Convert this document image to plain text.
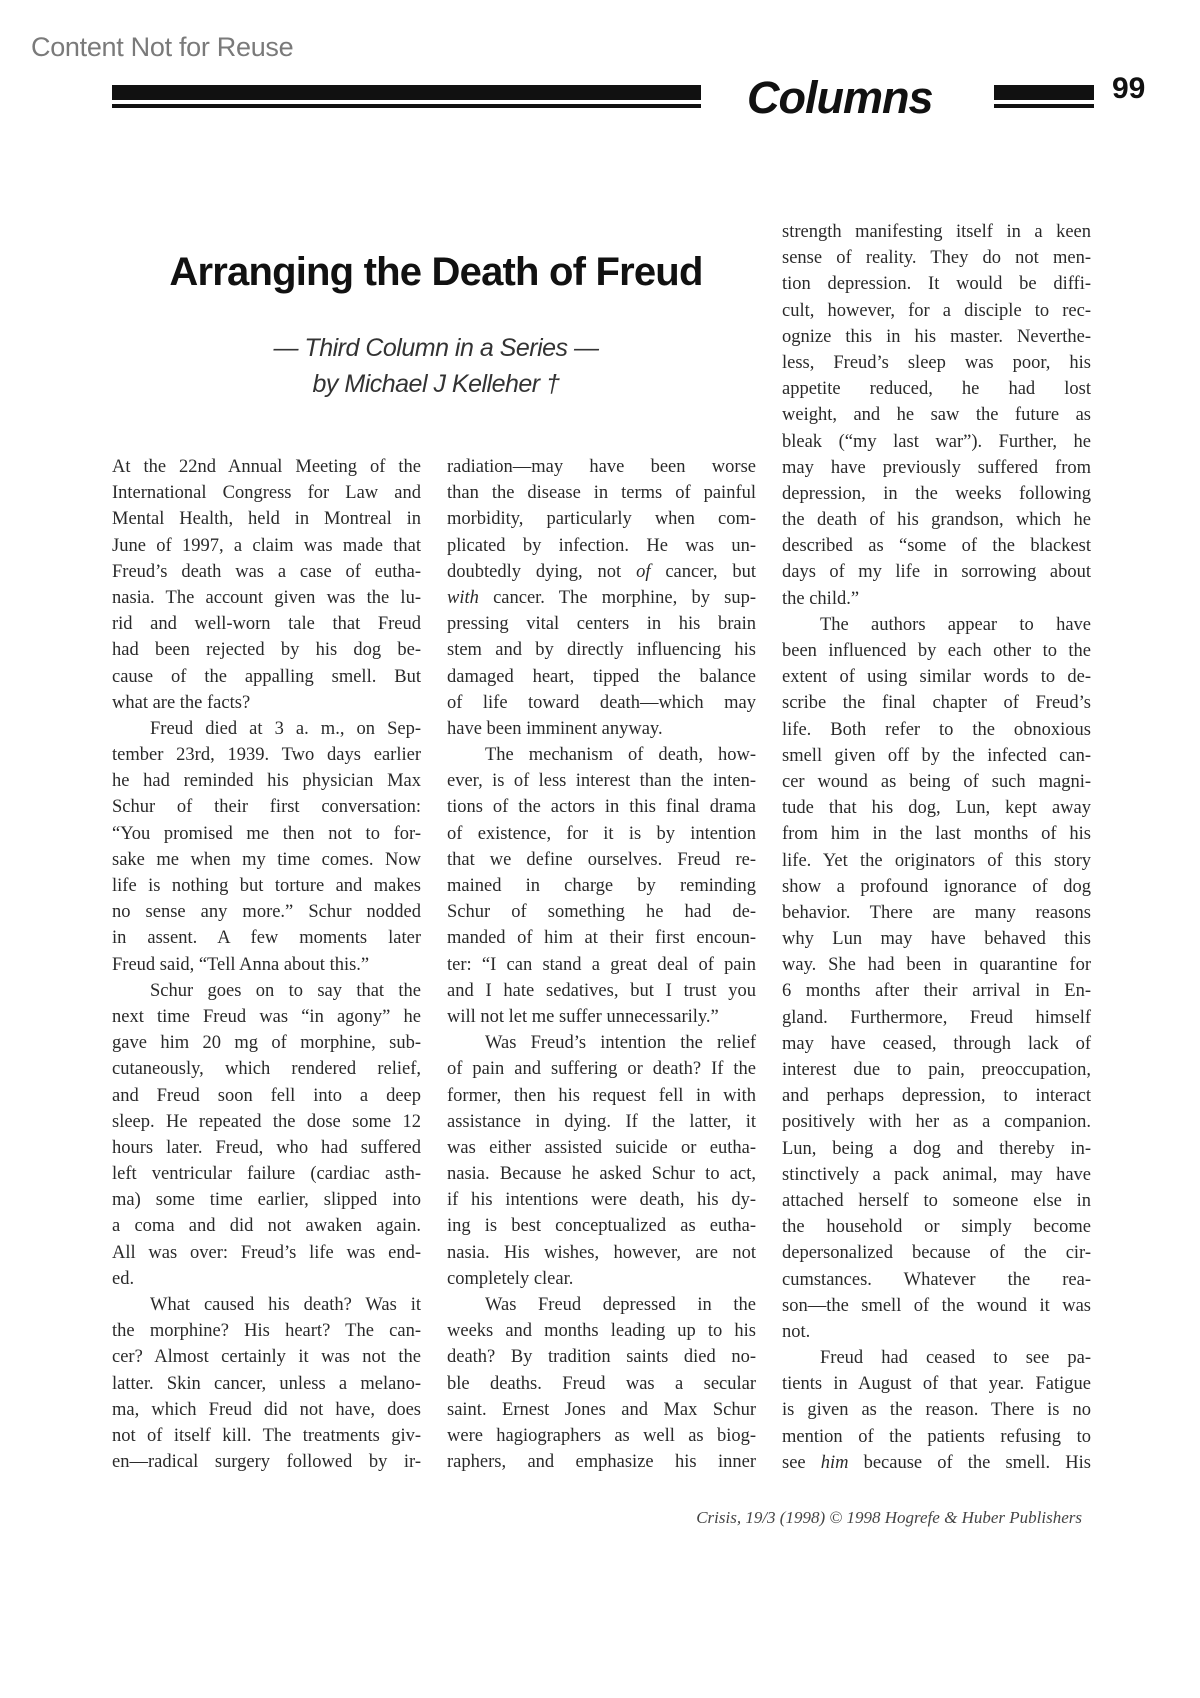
Content Not for Reuse
Columns	99
Arranging the Death of Freud
— Third Column in a Series —
by Michael J Kelleher †
At the 22nd Annual Meeting of the
International Congress for Law and
Mental Health, held in Montreal in
June of 1997, a claim was made that
Freud’s death was a case of eutha-
nasia. The account given was the lu-
rid and well-worn tale that Freud
had been rejected by his dog be-
cause of the appalling smell. But
what are the facts?
Freud died at 3 a. m., on Sep-
tember 23rd, 1939. Two days earlier
he had reminded his physician Max
Schur of their first conversation:
“You promised me then not to for-
sake me when my time comes. Now
life is nothing but torture and makes
no sense any more.” Schur nodded
in assent. A few moments later
Freud said, “Tell Anna about this.”
Schur goes on to say that the
next time Freud was “in agony” he
gave him 20 mg of morphine, sub-
cutaneously, which rendered relief,
and Freud soon fell into a deep
sleep. He repeated the dose some 12
hours later. Freud, who had suffered
left ventricular failure (cardiac asth-
ma) some time earlier, slipped into
a coma and did not awaken again.
All was over: Freud’s life was end-
ed.
What caused his death? Was it
the morphine? His heart? The can-
cer? Almost certainly it was not the
latter. Skin cancer, unless a melano-
ma, which Freud did not have, does
not of itself kill. The treatments giv-
en—radical surgery followed by ir-
radiation—may have been worse
than the disease in terms of painful
morbidity, particularly when com-
plicated by infection. He was un-
doubtedly dying, not of cancer, but
with cancer. The morphine, by sup-
pressing vital centers in his brain
stem and by directly influencing his
damaged heart, tipped the balance
of life toward death—which may
have been imminent anyway.
The mechanism of death, how-
ever, is of less interest than the inten-
tions of the actors in this final drama
of existence, for it is by intention
that we define ourselves. Freud re-
mained in charge by reminding
Schur of something he had de-
manded of him at their first encoun-
ter: “I can stand a great deal of pain
and I hate sedatives, but I trust you
will not let me suffer unnecessarily.”
Was Freud’s intention the relief
of pain and suffering or death? If the
former, then his request fell in with
assistance in dying. If the latter, it
was either assisted suicide or eutha-
nasia. Because he asked Schur to act,
if his intentions were death, his dy-
ing is best conceptualized as eutha-
nasia. His wishes, however, are not
completely clear.
Was Freud depressed in the
weeks and months leading up to his
death? By tradition saints died no-
ble deaths. Freud was a secular
saint. Ernest Jones and Max Schur
were hagiographers as well as biog-
raphers, and emphasize his inner
strength manifesting itself in a keen
sense of reality. They do not men-
tion depression. It would be diffi-
cult, however, for a disciple to rec-
ognize this in his master. Neverthe-
less, Freud’s sleep was poor, his
appetite reduced, he had lost
weight, and he saw the future as
bleak (“my last war”). Further, he
may have previously suffered from
depression, in the weeks following
the death of his grandson, which he
described as “some of the blackest
days of my life in sorrowing about
the child.”
The authors appear to have
been influenced by each other to the
extent of using similar words to de-
scribe the final chapter of Freud’s
life. Both refer to the obnoxious
smell given off by the infected can-
cer wound as being of such magni-
tude that his dog, Lun, kept away
from him in the last months of his
life. Yet the originators of this story
show a profound ignorance of dog
behavior. There are many reasons
why Lun may have behaved this
way. She had been in quarantine for
6 months after their arrival in En-
gland. Furthermore, Freud himself
may have ceased, through lack of
interest due to pain, preoccupation,
and perhaps depression, to interact
positively with her as a companion.
Lun, being a dog and thereby in-
stinctively a pack animal, may have
attached herself to someone else in
the household or simply become
depersonalized because of the cir-
cumstances. Whatever the rea-
son—the smell of the wound it was
not.
Freud had ceased to see pa-
tients in August of that year. Fatigue
is given as the reason. There is no
mention of the patients refusing to
see him because of the smell. His
Crisis, 19/3 (1998) © 1998 Hogrefe & Huber Publishers
